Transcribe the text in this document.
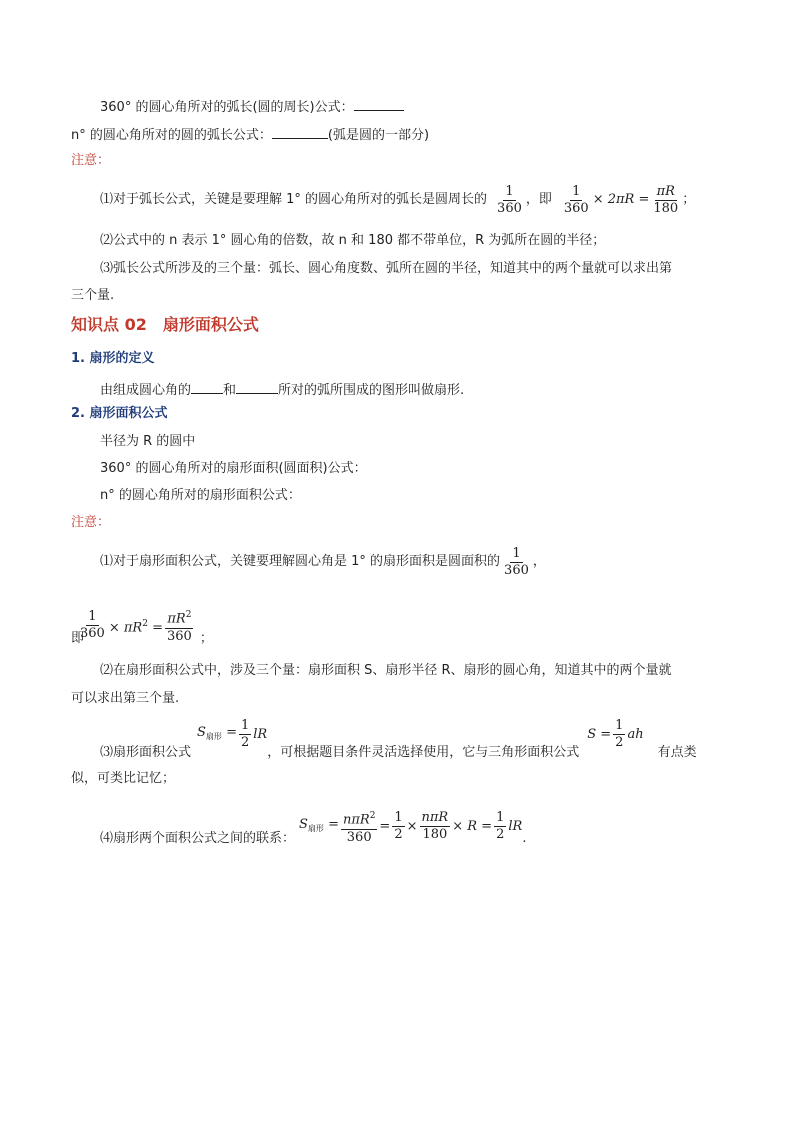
360° 的圆心角所对的弧长(圆的周长)公式：
n° 的圆心角所对的圆的弧长公式：	(弧是圆的一部分)
注意：
⑴对于弧长公式，关键是要理解 1° 的圆心角所对的弧长是圆周长的 $\frac{1}{360}$ ，即 $\frac{1}{360} \times 2\pi R = \frac{\pi R}{180}$ ；
⑵公式中的 n 表示 1° 圆心角的倍数，故 n 和 180 都不带单位，R 为弧所在圆的半径；
⑶弧长公式所涉及的三个量：弧长、圆心角度数、弧所在圆的半径，知道其中的两个量就可以求出第
三个量.
知识点 02　扇形面积公式
1. 扇形的定义
由组成圆心角的 和	所对的弧所围成的图形叫做扇形.
2. 扇形面积公式
半径为 R 的圆中
360° 的圆心角所对的扇形面积(圆面积)公式：
n° 的圆心角所对的扇形面积公式：
注意：
⑴对于扇形面积公式，关键要理解圆心角是 1° 的扇形面积是圆面积的 $\frac{1}{360}$ ，
即
$\frac{1}{360} \times \pi R^2 = \frac{\pi R^2}{360}$ ；
⑵在扇形面积公式中，涉及三个量：扇形面积 S、扇形半径 R、扇形的圆心角，知道其中的两个量就
可以求出第三个量.
⑶扇形面积公式
$S_{扇形} = \frac{1}{2}$ lR
，可根据题目条件灵活选择使用，它与三角形面积公式
$S = \frac{1}{2}$ ah
有点类
似，可类比记忆；
⑷扇形两个面积公式之间的联系：
$S_{扇形} = \frac{n\pi R^2}{360} = \frac{1}{2} \times \frac{\text{nπR}}{180} \times R = \frac{1}{2}$ lR
.
